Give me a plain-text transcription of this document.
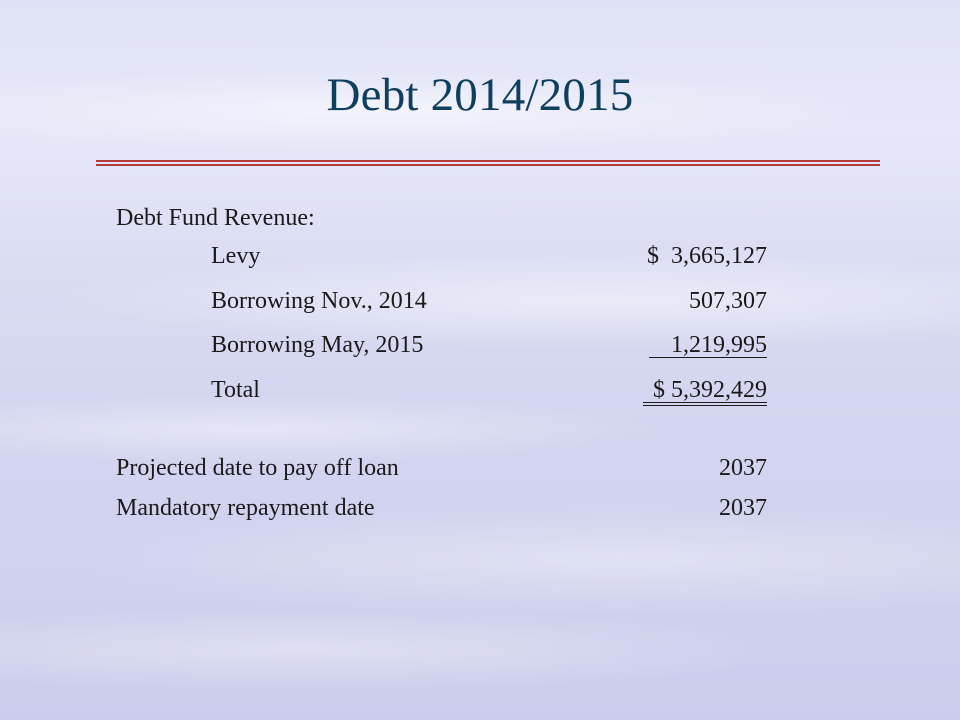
Debt 2014/2015
Debt Fund Revenue:
Levy	$  3,665,127
Borrowing Nov., 2014	507,307
Borrowing May, 2015	1,219,995
Total	$ 5,392,429
Projected date to pay off loan	2037
Mandatory repayment date	2037
